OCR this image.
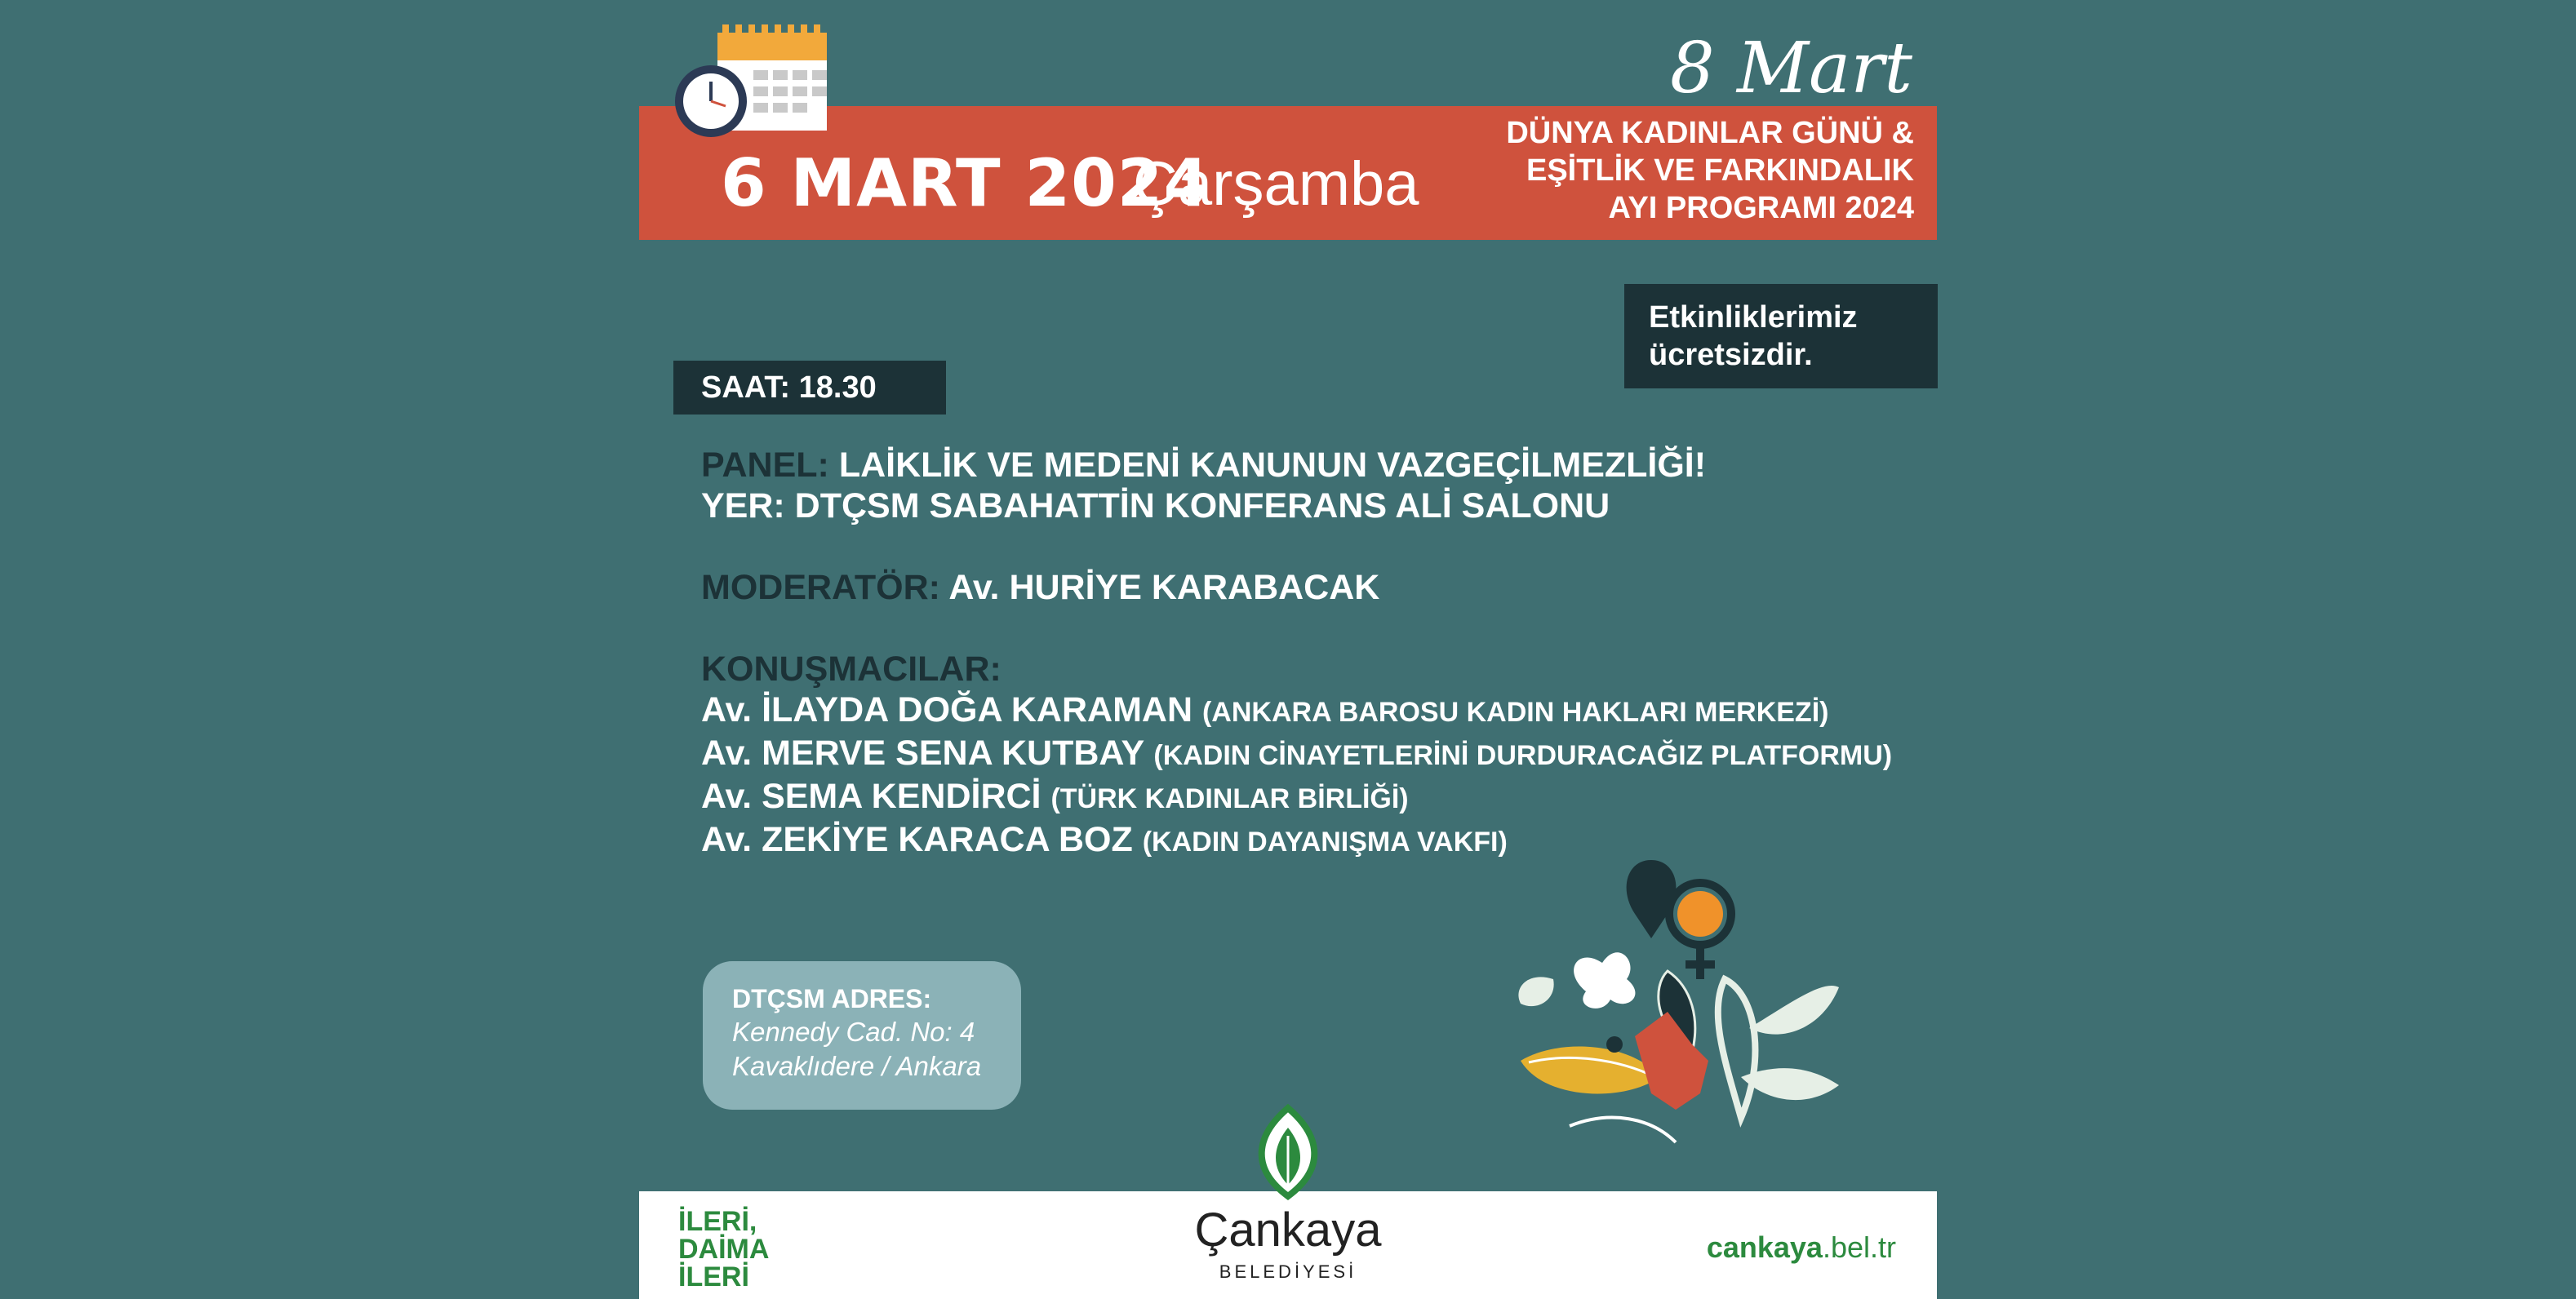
6 MART 2024
Çarşamba
8 Mart
DÜNYA KADINLAR GÜNÜ &
EŞİTLİK VE FARKINDALIK
AYI PROGRAMI 2024
Etkinliklerimiz
ücretsizdir.
SAAT: 18.30
PANEL: LAİKLİK VE MEDENİ KANUNUN VAZGEÇİLMEZLİĞİ!
YER: DTÇSM SABAHATTİN KONFERANS ALİ SALONU
MODERATÖR: Av. HURİYE KARABACAK
KONUŞMACILAR:
Av. İLAYDA DOĞA KARAMAN (ANKARA BAROSU KADIN HAKLARI MERKEZİ)
Av. MERVE SENA KUTBAY (KADIN CİNAYETLERİNİ DURDURACAĞIZ PLATFORMU)
Av. SEMA KENDİRCİ (TÜRK KADINLAR BİRLİĞİ)
Av. ZEKİYE KARACA BOZ (KADIN DAYANIŞMA VAKFI)
DTÇSM ADRES:
Kennedy Cad. No: 4
Kavaklıdere / Ankara
İLERİ,
DAİMA
İLERİ
Çankaya
BELEDİYESİ
cankaya.bel.tr
